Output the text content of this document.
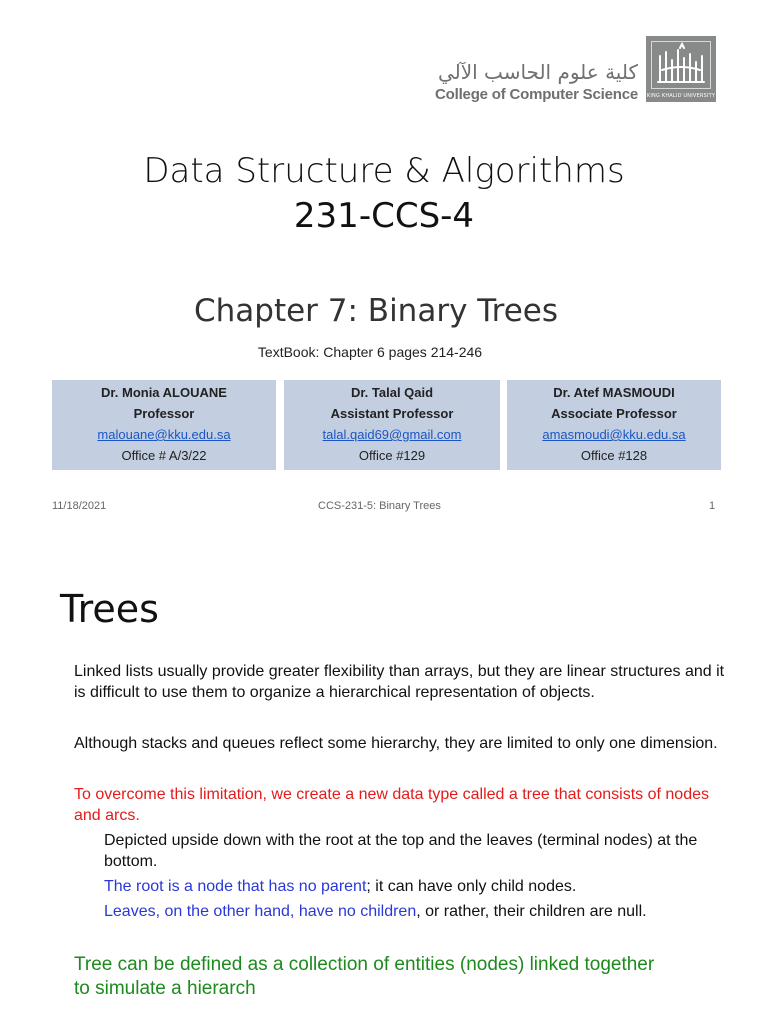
كلية علوم الحاسب الآلي
College of Computer Science KING KHALID UNIVERSITY
Data Structure & Algorithms
231-CCS-4
Chapter 7: Binary Trees
TextBook: Chapter 6 pages 214-246
Dr. Monia ALOUANE
Professor
malouane@kku.edu.sa
Office # A/3/22
Dr. Talal Qaid
Assistant Professor
talal.qaid69@gmail.com
Office #129
Dr. Atef MASMOUDI
Associate Professor
amasmoudi@kku.edu.sa
Office #128
11/18/2021	CCS-231-5: Binary Trees	1
Trees
Linked lists usually provide greater flexibility than arrays, but they are linear structures and it is difficult to use them to organize a hierarchical representation of objects.
Although stacks and queues reflect some hierarchy, they are limited to only one dimension.
To overcome this limitation, we create a new data type called a tree that consists of nodes and arcs.
Depicted upside down with the root at the top and the leaves (terminal nodes) at the bottom.
The root is a node that has no parent; it can have only child nodes.
Leaves, on the other hand, have no children, or rather, their children are null.
Tree can be defined as a collection of entities (nodes) linked together to simulate a hierarch
